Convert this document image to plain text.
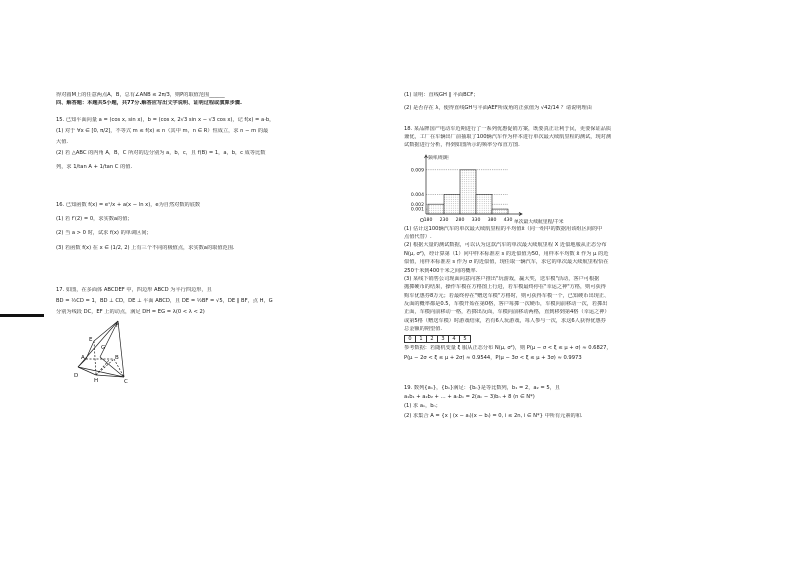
得对圆M上的任意两点A，B，总有∠ANB ≤ 2π/3，则P的取值范围______

四、解答题：本题共5小题，共77分.解答应写出文字说明、证明过程或演算步骤.

15. 已知平面向量 a = (cos x, sin x)，b = (cos x, 2√3 sin x − √3 cos x)，记 f(x) = a·b，

(1) 对于 ∀x ∈ [0, π/2]，不等式 m ≤ f(x) ≤ n（其中 m，n ∈ R）恒成立，求 n − m 的最

大值.

(2) 若 △ABC 的内角 A，B，C 所对的边分别为 a，b，c，且 f(B) = 1，a，b，c 成等比数

列，求 1/tan A + 1/tan C 的值.

16. 已知函数 f(x) = eˣ/x + a(x − ln x)，e为自然对数的底数

(1) 若 f′(2) = 0，求实数a的值；

(2) 当 a > 0 时，试求 f(x) 的单调区间；

(3) 若函数 f(x) 在 x ∈ (1/2, 2) 上有三个不同的极值点，求实数a的取值范围.

17. 如图，在多面体 ABCDEF 中，四边形 ABCD 为平行四边形，且

BD = ½CD = 1，BD ⊥ CD，DE ⊥ 平面 ABCD，且 DE = ½BF = √5，DE ∥ BF，点 H，G

分别为线段 DC，EF 上的动点，满足 DH = EG = λ(0 < λ < 2)

F
E
G
A	B
D
H	C

(1) 证明：直线GH ∥ 平面BCF；

(2) 是否存在 λ，使得直线GH与平面AEF所成角的正弦值为 √42/14 ？请说明理由

18. 某品牌国产电动车近期进行了一系列优惠促销方案，既要真正让利于民，更要保证品质

兼优，工厂在车辆出厂前抽取了100辆汽车作为样本进行单次最大续航里程的测试，现对测

试数据进行分析，得到如图所示的频率分布直方图.

0.009
0.004
0.002
0.001
180 230 280 330 380 430
频率/组距
单次最大续航里程/千米
O

(1) 估计这100辆汽车的单次最大续航里程的平均值x̄（同一组中的数据用该组区间的中

点值代替）.

(2) 根据大量的测试数据，可以认为这款汽车的单次最大续航里程 X 近似地服从正态分布

N(μ, σ²)，经计算第（1）问中样本标准差 s 的近似值为50，用样本平均数 x̄ 作为 μ 的近

似值，用样本标准差 s 作为 σ 的近似值，现任取一辆汽车，求它的单次最大续航里程恰在

250千米到400千米之间的概率.

(3) 某线下销售公司现面向意向客户推出"玩游戏，赢大奖，送车模"活动，客户可根据

抛掷硬币的结果，操作车模在方格图上行进，若车模最终停在"幸运之神"方格，则可获得

购车优惠券8万元；若最终停在"赠送车模"方格时，则可获得车模一个，已知硬币出现正、

反面的概率都是0.5，车模开始在第0格，客户每掷一次硬币，车模向前移动一次，若掷出

正面，车模向前移动一格，若掷出反面，车模向前移动两格，直到移到第4格（幸运之神）

或第5格（赠送车模）时游戏结束，若有6人玩游戏，每人参与一次，求这6人获得优惠券

总金额的期望值.

0	1	2	3	4	5

参考数据：若随机变量 ξ 服从正态分布 N(μ, σ²)，则 P(μ − σ < ξ ≤ μ + σ) ≈ 0.6827，

P(μ − 2σ < ξ ≤ μ + 2σ) ≈ 0.9544，P(μ − 3σ < ξ ≤ μ + 3σ) ≈ 0.9973

19. 数列{aₙ}，{bₙ}满足：{bₙ}是等比数列，b₁ = 2，a₂ = 5，且

a₁b₁ + a₂b₂ + … + aₙbₙ = 2(aₙ − 3)bₙ + 8 (n ∈ N*)

(1) 求 aₙ，bₙ；

(2) 求集合 A = {x | (x − aᵢ)(x − bᵢ) = 0, i ≤ 2n, i ∈ N*} 中所有元素的和.
